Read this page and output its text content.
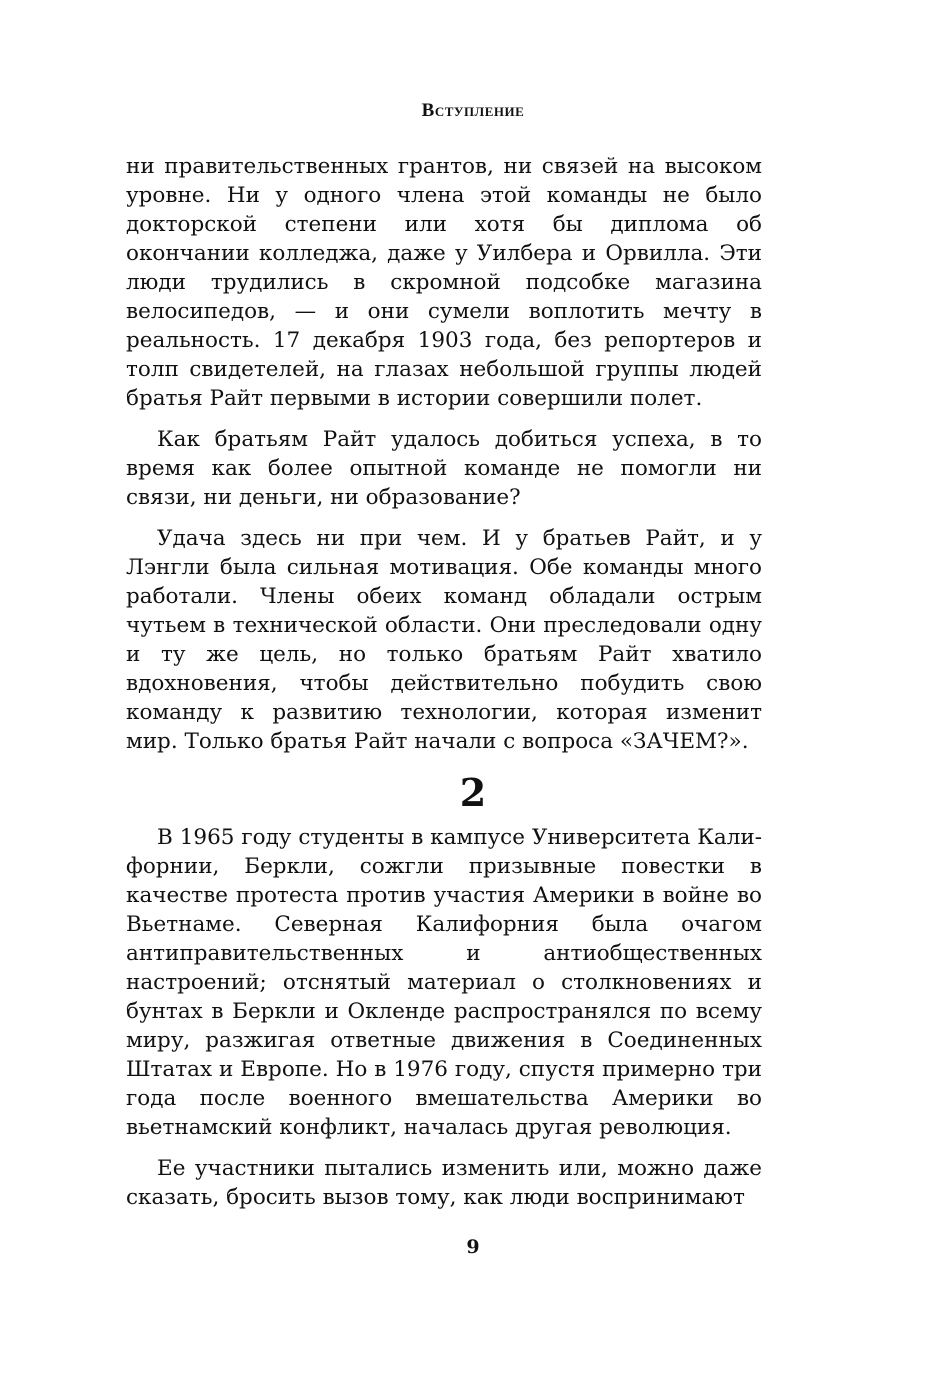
Вступление

ни правительственных грантов, ни связей на высоком уровне. Ни у одного члена этой команды не было докторской степени или хотя бы диплома об окончании колледжа, даже у Уилбера и Орвилла. Эти люди трудились в скромной подсобке магазина велосипедов, — и они сумели воплотить мечту в реальность. 17 декабря 1903 года, без репортеров и толп свидетелей, на глазах небольшой группы людей братья Райт первыми в истории совершили полет.

Как братьям Райт удалось добиться успеха, в то время как более опытной команде не помогли ни связи, ни деньги, ни образование?

Удача здесь ни при чем. И у братьев Райт, и у Лэнгли была сильная мотивация. Обе команды много работали. Члены обеих команд обладали острым чутьем в технической области. Они преследовали одну и ту же цель, но только братьям Райт хватило вдохновения, чтобы действительно побудить свою команду к развитию технологии, которая изменит мир. Только братья Райт начали с вопроса «ЗАЧЕМ?».

2

В 1965 году студенты в кампусе Университета Калифорнии, Беркли, сожгли призывные повестки в качестве протеста против участия Америки в войне во Вьетнаме. Северная Калифорния была очагом антиправительственных и антиобщественных настроений; отснятый материал о столкновениях и бунтах в Беркли и Окленде распространялся по всему миру, разжигая ответные движения в Соединенных Штатах и Европе. Но в 1976 году, спустя примерно три года после военного вмешательства Америки во вьетнамский конфликт, началась другая революция.

Ее участники пытались изменить или, можно даже сказать, бросить вызов тому, как люди воспринимают

9
